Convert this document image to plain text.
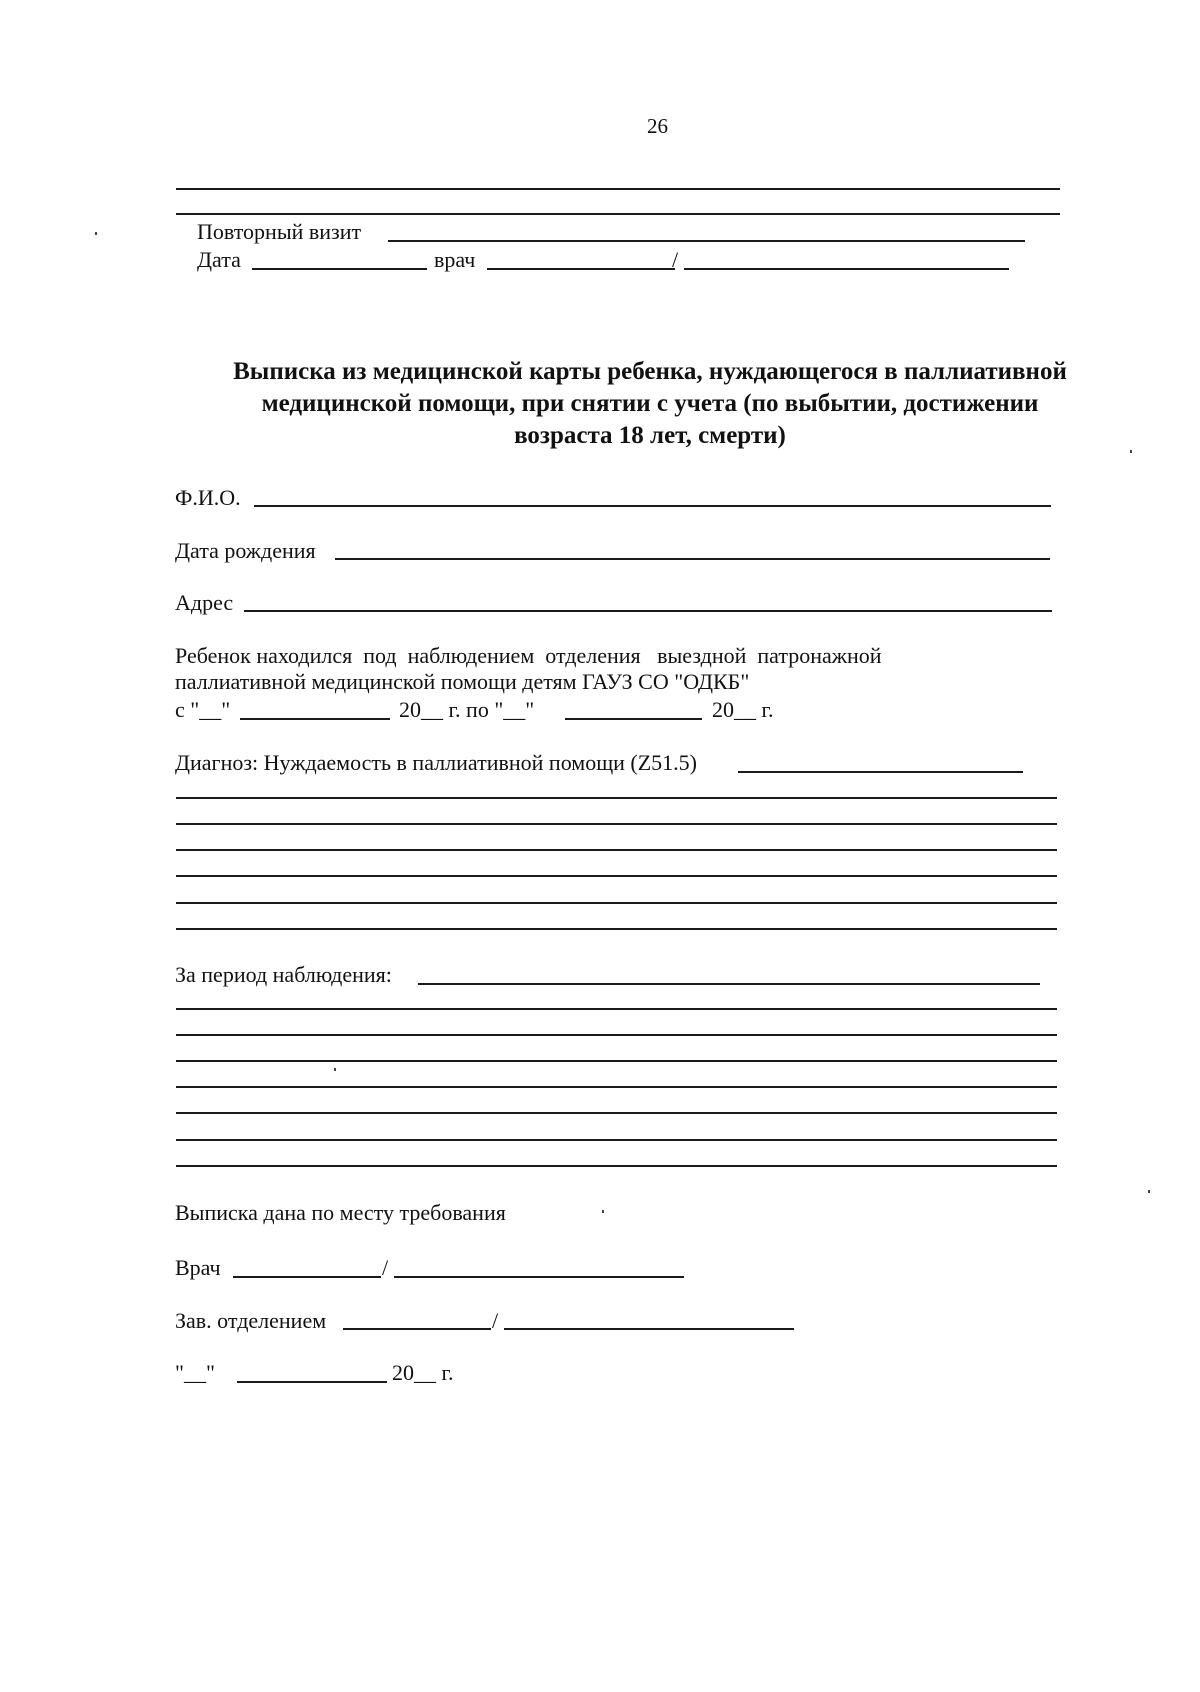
26
Повторный визит
Дата	врач	/
Выписка из медицинской карты ребенка, нуждающегося в паллиативной
медицинской помощи, при снятии с учета (по выбытии, достижении
возраста 18 лет, смерти)
Ф.И.О.
Дата рождения
Адрес
Ребенок находился  под  наблюдением  отделения   выездной  патронажной
паллиативной медицинской помощи детям ГАУЗ СО "ОДКБ"
с "__"	20__ г. по "__"	20__ г.
Диагноз: Нуждаемость в паллиативной помощи (Z51.5)
За период наблюдения:
Выписка дана по месту требования
Врач	/
Зав. отделением	/
"__"	20__ г.
